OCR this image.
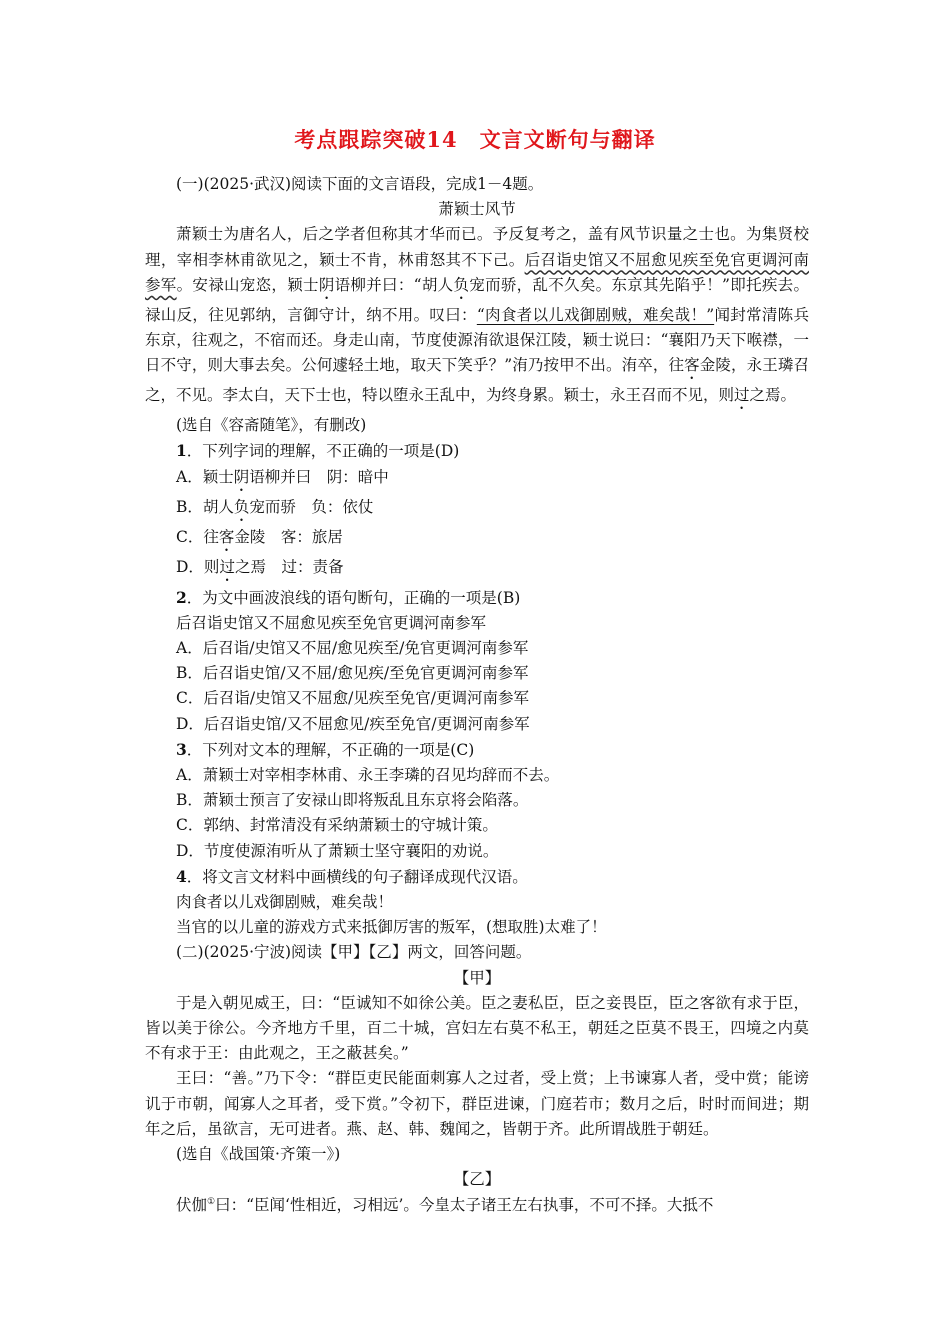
考点跟踪突破14　文言文断句与翻译

(一)(2025·武汉)阅读下面的文言语段，完成1－4题。

萧颖士风节

萧颖士为唐名人，后之学者但称其才华而已。予反复考之，盖有风节识量之士也。为集贤校理，宰相李林甫欲见之，颖士不肯，林甫怒其不下己。后召诣史馆又不屈愈见疾至免官更调河南参军。安禄山宠恣，颖士阴语柳并曰：“胡人负宠而骄，乱不久矣。东京其先陷乎！”即托疾去。禄山反，往见郭纳，言御守计，纳不用。叹曰：“肉食者以儿戏御剧贼，难矣哉！”闻封常清陈兵东京，往观之，不宿而还。身走山南，节度使源洧欲退保江陵，颖士说曰：“襄阳乃天下喉襟，一日不守，则大事去矣。公何遽轻土地，取天下笑乎？”洧乃按甲不出。洧卒，往客金陵，永王璘召之，不见。李太白，天下士也，特以堕永王乱中，为终身累。颖士，永王召而不见，则过之焉。

(选自《容斋随笔》，有删改)

1．下列字词的理解，不正确的一项是(D)

A．颖士阴语柳并曰　阴：暗中

B．胡人负宠而骄　负：依仗

C．往客金陵　客：旅居

D．则过之焉　过：责备

2．为文中画波浪线的语句断句，正确的一项是(B)

后召诣史馆又不屈愈见疾至免官更调河南参军

A．后召诣/史馆又不屈/愈见疾至/免官更调河南参军

B．后召诣史馆/又不屈/愈见疾/至免官更调河南参军

C．后召诣/史馆又不屈愈/见疾至免官/更调河南参军

D．后召诣史馆/又不屈愈见/疾至免官/更调河南参军

3．下列对文本的理解，不正确的一项是(C)

A．萧颖士对宰相李林甫、永王李璘的召见均辞而不去。

B．萧颖士预言了安禄山即将叛乱且东京将会陷落。

C．郭纳、封常清没有采纳萧颖士的守城计策。

D．节度使源洧听从了萧颖士坚守襄阳的劝说。

4．将文言文材料中画横线的句子翻译成现代汉语。

肉食者以儿戏御剧贼，难矣哉！

当官的以儿童的游戏方式来抵御厉害的叛军，(想取胜)太难了！

(二)(2025·宁波)阅读【甲】【乙】两文，回答问题。

【甲】

于是入朝见威王，曰：“臣诚知不如徐公美。臣之妻私臣，臣之妾畏臣，臣之客欲有求于臣，皆以美于徐公。今齐地方千里，百二十城，宫妇左右莫不私王，朝廷之臣莫不畏王，四境之内莫不有求于王：由此观之，王之蔽甚矣。”

王曰：“善。”乃下令：“群臣吏民能面刺寡人之过者，受上赏；上书谏寡人者，受中赏；能谤讥于市朝，闻寡人之耳者，受下赏。”令初下，群臣进谏，门庭若市；数月之后，时时而间进；期年之后，虽欲言，无可进者。燕、赵、韩、魏闻之，皆朝于齐。此所谓战胜于朝廷。

(选自《战国策·齐策一》)

【乙】

伏伽①曰：“臣闻‘性相近，习相远’。今皇太子诸王左右执事，不可不择。大抵不
